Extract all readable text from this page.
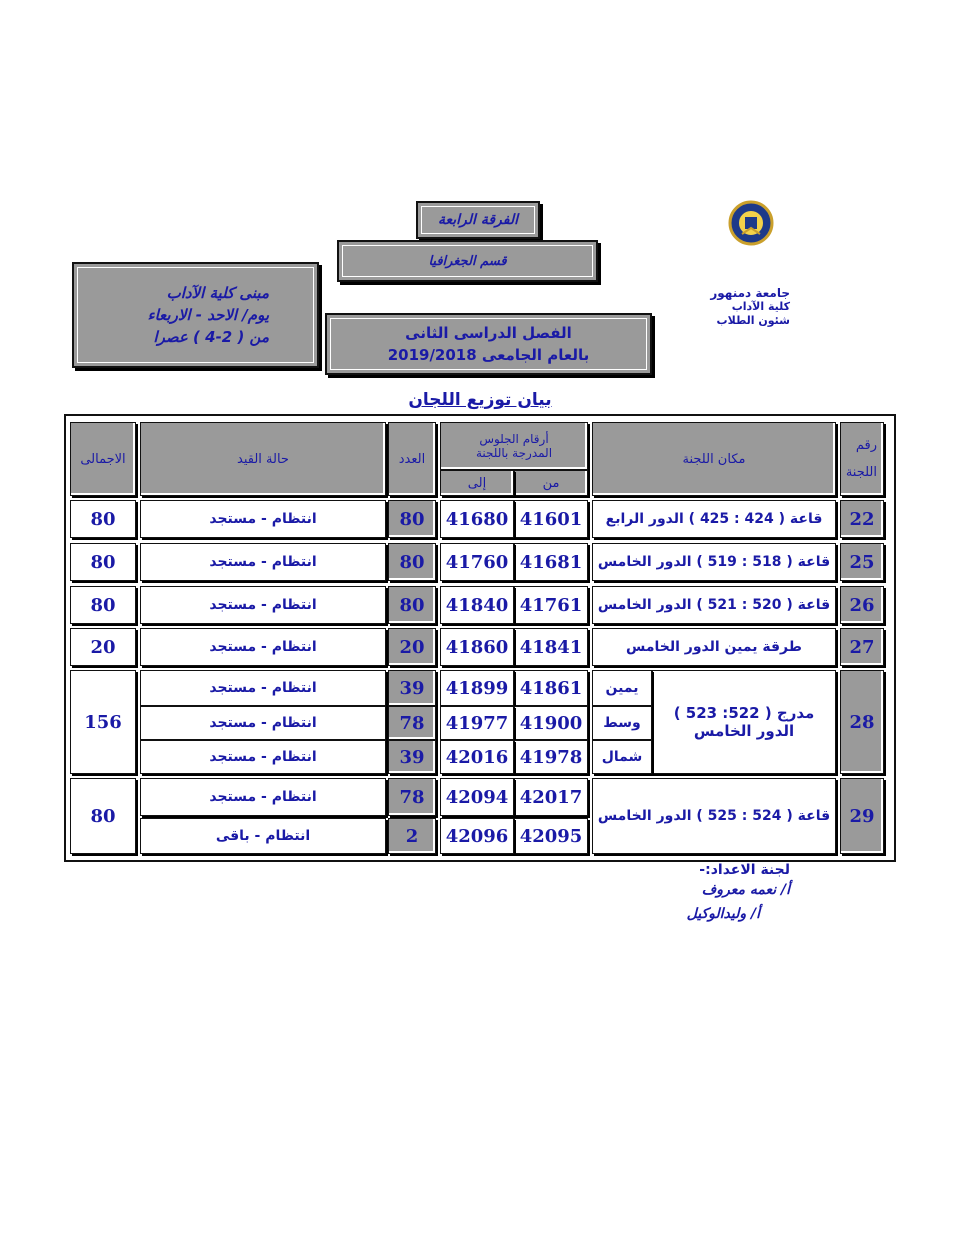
الفرقة الرابعة
قسم الجغرافيا
مبنى كلية الآداب
يوم/ الاحد - الاربعاء
من ( 2-4 ) عصرا	الفصل الدراسى الثانى
بالعام الجامعى 2019/2018
جامعة دمنهور
كلية الآداب
شئون الطلاب
بيان توزيع اللجان
رقم
اللجنة
مكان اللجنة
أرقام الجلوس
المدرجة باللجنة
من
إلى
العدد
حالة القيد
الاجمالى
22
قاعة ( 424 : 425 ) الدور الرابع
41601
41680
80
انتظام - مستجد
80
25
قاعة ( 518 : 519 ) الدور الخامس
41681
41760
80
انتظام - مستجد
80
26
قاعة ( 520 : 521 ) الدور الخامس
41761
41840
80
انتظام - مستجد
80
27
طرقة يمين الدور الخامس
41841
41860
20
انتظام - مستجد
20
28
مدرج ( 522: 523 )
الدور الخامس
يمين
وسط
شمال
41861
41899
39
انتظام - مستجد
41900
41977
78
انتظام - مستجد
41978
42016
39
انتظام - مستجد
156
29
قاعة ( 524 : 525 ) الدور الخامس
42017
42094
78
انتظام - مستجد
42095
42096
2
انتظام - باقى
80
لجنة الاعداد:-
أ/ نعمه معروف
أ/ وليدالوكيل
